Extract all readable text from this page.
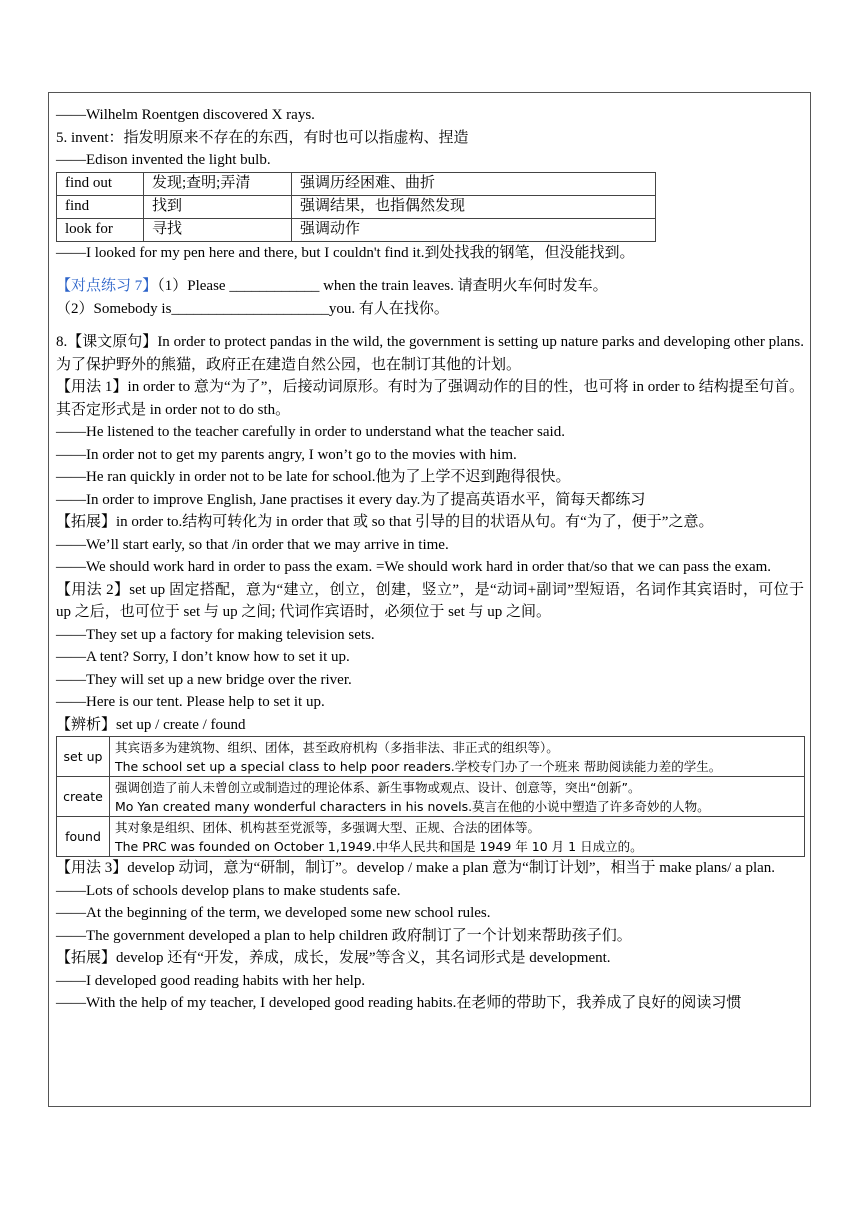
——Wilhelm Roentgen discovered X rays.
5. invent：指发明原来不存在的东西，有时也可以指虚构、捏造
——Edison invented the light bulb.
find out	发现;查明;弄清	强调历经困难、曲折
find	找到	强调结果，也指偶然发现
look for	寻找	强调动作
——I looked for my pen here and there, but I couldn't find it.到处找我的钢笔，但没能找到。
【对点练习 7】（1）Please ____________ when the train leaves. 请查明火车何时发车。
（2）Somebody is_____________________you. 有人在找你。
8.【课文原句】In order to protect pandas in the wild, the government is setting up nature parks and developing other plans.为了保护野外的熊猫，政府正在建造自然公园，也在制订其他的计划。
【用法 1】in order to 意为“为了”，后接动词原形。有时为了强调动作的目的性，也可将 in order to 结构提至句首。其否定形式是 in order not to do sth。
——He listened to the teacher carefully in order to understand what the teacher said.
——In order not to get my parents angry, I won’t go to the movies with him.
——He ran quickly in order not to be late for school.他为了上学不迟到跑得很快。
——In order to improve English, Jane practises it every day.为了提高英语水平，简每天都练习
【拓展】in order to.结构可转化为 in order that 或 so that 引导的目的状语从句。有“为了，便于”之意。
——We’ll start early, so that /in order that we may arrive in time.
——We should work hard in order to pass the exam. =We should work hard in order that/so that we can pass the exam.
【用法 2】set up 固定搭配，意为“建立，创立，创建，竖立”，是“动词+副词”型短语，名词作其宾语时，可位于 up 之后，也可位于 set 与 up 之间; 代词作宾语时，必须位于 set 与 up 之间。
——They set up a factory for making television sets.
——A tent? Sorry, I don’t know how to set it up.
——They will set up a new bridge over the river.
——Here is our tent. Please help to set it up.
【辨析】set up / create / found
set up	其宾语多为建筑物、组织、团体，甚至政府机构（多指非法、非正式的组织等）。
The school set up a special class to help poor readers.学校专门办了一个班来 帮助阅读能力差的学生。

create	强调创造了前人未曾创立或制造过的理论体系、新生事物或观点、设计、创意等，突出“创新”。
Mo Yan created many wonderful characters in his novels.莫言在他的小说中塑造了许多奇妙的人物。

found	其对象是组织、团体、机构甚至党派等，多强调大型、正规、合法的团体等。
The PRC was founded on October 1,1949.中华人民共和国是 1949 年 10 月 1 日成立的。
【用法 3】develop 动词，意为“研制，制订”。develop / make a plan 意为“制订计划”，相当于 make plans/ a plan.
——Lots of schools develop plans to make students safe.
——At the beginning of the term, we developed some new school rules.
——The government developed a plan to help children 政府制订了一个计划来帮助孩子们。
【拓展】develop 还有“开发，养成，成长，发展”等含义，其名词形式是 development.
——I developed good reading habits with her help.
——With the help of my teacher, I developed good reading habits.在老师的带助下，我养成了良好的阅读习惯
